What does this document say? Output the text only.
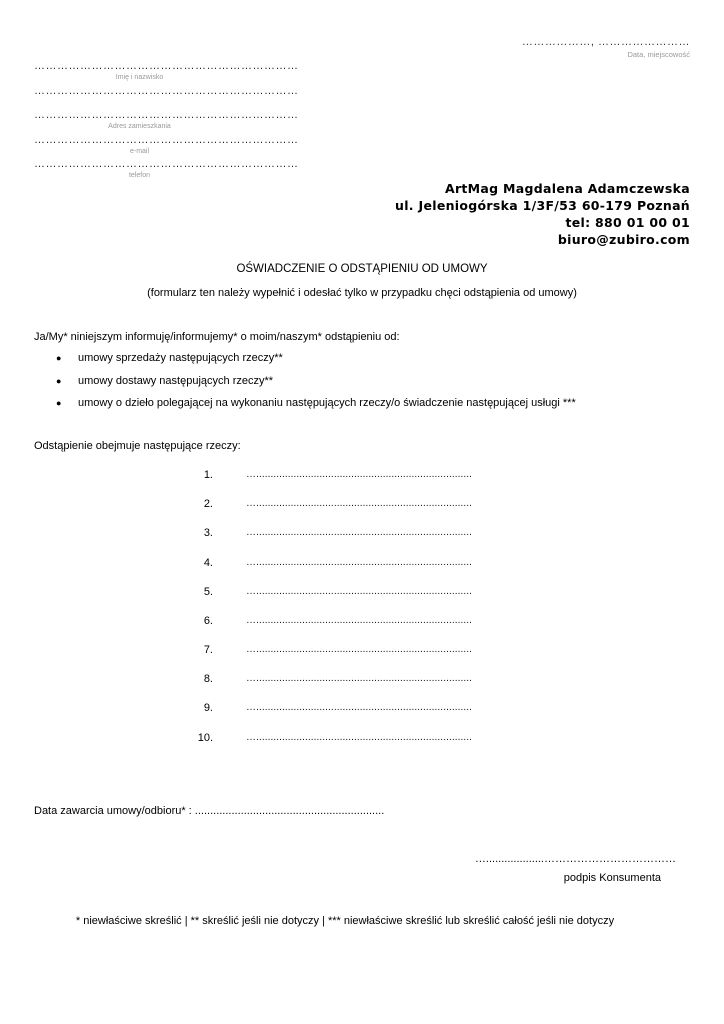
………………, ……………………
Data, miejscowość
……………………………………………………………
Imię i nazwisko
……………………………………………………………
……………………………………………………………
Adres zamieszkania
……………………………………………………………
e-mail
……………………………………………………………
telefon
ArtMag Magdalena Adamczewska
ul. Jeleniogórska 1/3F/53 60-179 Poznań
tel: 880 01 00 01
biuro@zubiro.com
OŚWIADCZENIE O ODSTĄPIENIU OD UMOWY
(formularz ten należy wypełnić i odesłać tylko w przypadku chęci odstąpienia od umowy)
Ja/My* niniejszym informuję/informujemy* o moim/naszym* odstąpieniu od:
● umowy sprzedaży następujących rzeczy**
● umowy dostawy następujących rzeczy**
● umowy o dzieło polegającej na wykonaniu następujących rzeczy/o świadczenie następującej usługi ***
Odstąpienie obejmuje następujące rzeczy:
1.	…...........................................................................
2.	…...........................................................................
3.	…...........................................................................
4.	…...........................................................................
5.	…...........................................................................
6.	…...........................................................................
7.	…...........................................................................
8.	…...........................................................................
9.	…...........................................................................
10.	…...........................................................................
Data zawarcia umowy/odbioru* : ..............................................................
…...................………………………………
podpis Konsumenta
* niewłaściwe skreślić | ** skreślić jeśli nie dotyczy | *** niewłaściwe skreślić lub skreślić całość jeśli nie dotyczy
